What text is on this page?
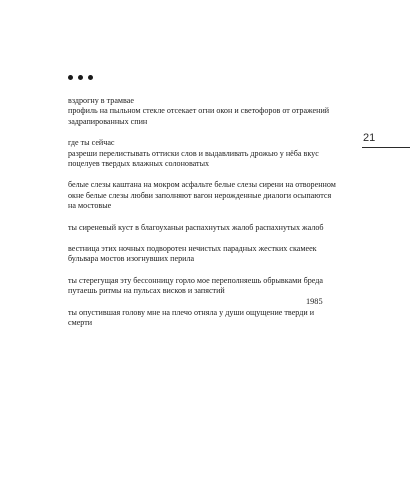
вздрогну в трамвае
профиль на пыльном стекле отсекает огни окон и светофоров от отражений
задрапированных спин
где ты сейчас
разреши перелистывать оттиски слов и выдавливать дрожью у нёба вкус
поцелуев твердых влажных солоноватых
белые слезы каштана на мокром асфальте белые слезы сирени на отворенном
окне белые слезы любви заполняют вагон нерожденные диалоги осыпаются
на мостовые
ты сиреневый куст в благоуханьи распахнутых жалоб распахнутых жалоб
вестница этих ночных подворотен нечистых парадных жестких скамеек
бульвара мостов изогнувших перила
ты стерегущая эту бессонницу горло мое переполняешь обрывками бреда
путаешь ритмы на пульсах висков и запястий
ты опустившая голову мне на плечо отняла у души ощущение тверди и
смерти
1985
21
